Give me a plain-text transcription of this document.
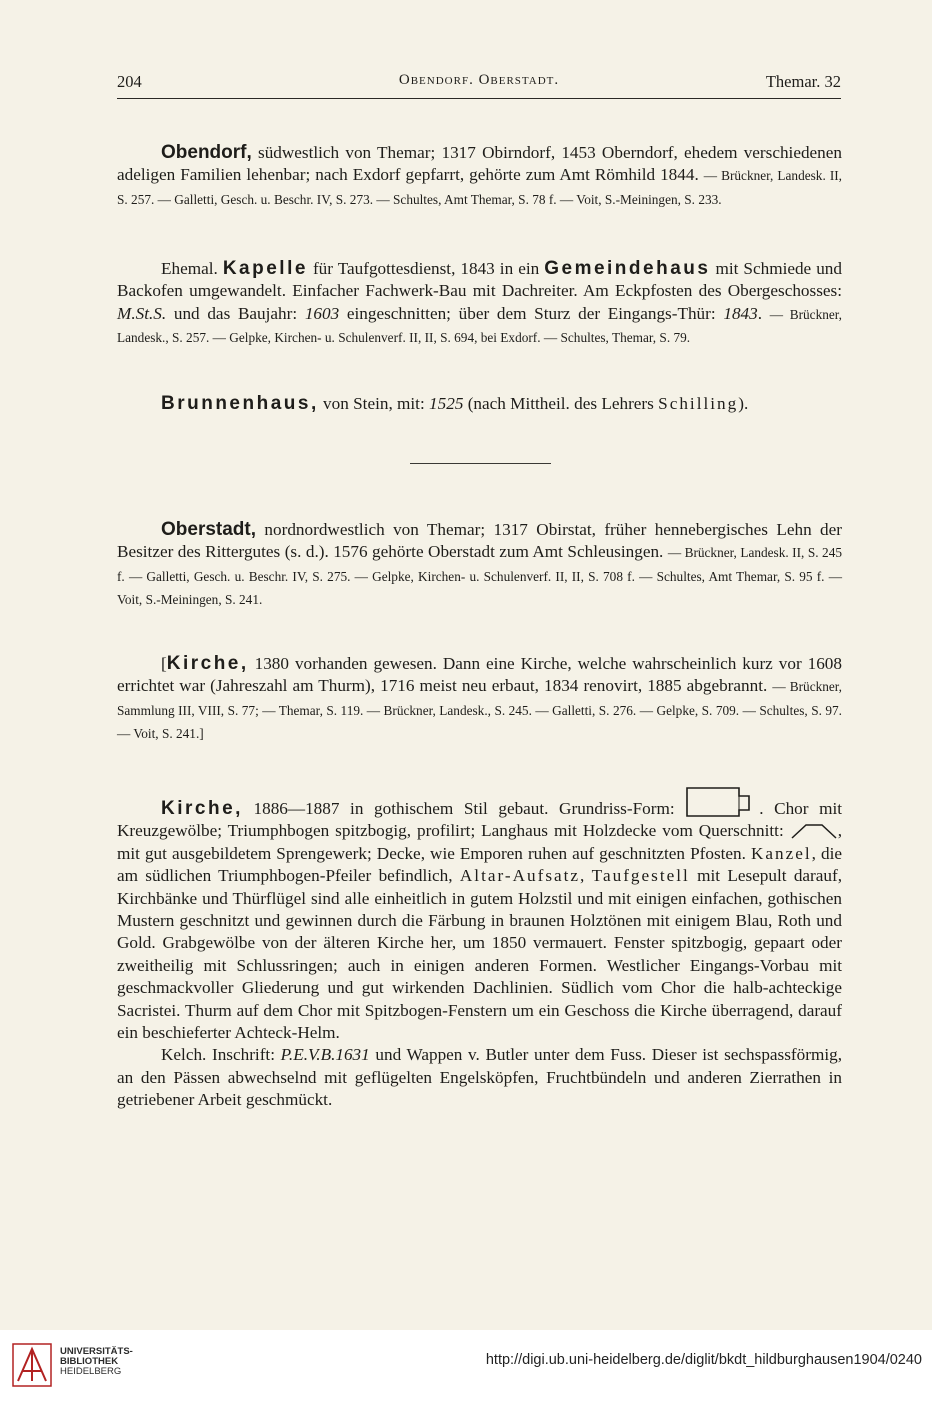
204	Obendorf. Oberstadt.	Themar. 32

Obendorf, südwestlich von Themar; 1317 Obirndorf, 1453 Oberndorf, ehedem verschiedenen adeligen Familien lehenbar; nach Exdorf gepfarrt, gehörte zum Amt Römhild 1844. — Brückner, Landesk. II, S. 257. — Galletti, Gesch. u. Beschr. IV, S. 273. — Schultes, Amt Themar, S. 78 f. — Voit, S.-Meiningen, S. 233.

Ehemal. Kapelle für Taufgottesdienst, 1843 in ein Gemeindehaus mit Schmiede und Backofen umgewandelt. Einfacher Fachwerk-Bau mit Dachreiter. Am Eckpfosten des Obergeschosses: M.St.S. und das Baujahr: 1603 eingeschnitten; über dem Sturz der Eingangs-Thür: 1843. — Brückner, Landesk., S. 257. — Gelpke, Kirchen- u. Schulenverf. II, II, S. 694, bei Exdorf. — Schultes, Themar, S. 79.

Brunnenhaus, von Stein, mit: 1525 (nach Mittheil. des Lehrers Schilling).

Oberstadt, nordnordwestlich von Themar; 1317 Obirstat, früher hennebergisches Lehn der Besitzer des Rittergutes (s. d.). 1576 gehörte Oberstadt zum Amt Schleusingen. — Brückner, Landesk. II, S. 245 f. — Galletti, Gesch. u. Beschr. IV, S. 275. — Gelpke, Kirchen- u. Schulenverf. II, II, S. 708 f. — Schultes, Amt Themar, S. 95 f. — Voit, S.-Meiningen, S. 241.

[Kirche, 1380 vorhanden gewesen. Dann eine Kirche, welche wahrscheinlich kurz vor 1608 errichtet war (Jahreszahl am Thurm), 1716 meist neu erbaut, 1834 renovirt, 1885 abgebrannt. — Brückner, Sammlung III, VIII, S. 77; — Themar, S. 119. — Brückner, Landesk., S. 245. — Galletti, S. 276. — Gelpke, S. 709. — Schultes, S. 97. — Voit, S. 241.]

Kirche, 1886—1887 in gothischem Stil gebaut. Grundriss-Form:	. Chor mit Kreuzgewölbe; Triumphbogen spitzbogig, profilirt; Langhaus mit Holzdecke vom Querschnitt:	, mit gut ausgebildetem Sprengewerk; Decke, wie Emporen ruhen auf geschnitzten Pfosten. Kanzel, die am südlichen Triumphbogen-Pfeiler befindlich, Altar-Aufsatz, Taufgestell mit Lesepult darauf, Kirchbänke und Thürflügel sind alle einheitlich in gutem Holzstil und mit einigen einfachen, gothischen Mustern geschnitzt und gewinnen durch die Färbung in braunen Holztönen mit einigem Blau, Roth und Gold. Grabgewölbe von der älteren Kirche her, um 1850 vermauert. Fenster spitzbogig, gepaart oder zweitheilig mit Schlussringen; auch in einigen anderen Formen. Westlicher Eingangs-Vorbau mit geschmackvoller Gliederung und gut wirkenden Dachlinien. Südlich vom Chor die halb-achteckige Sacristei. Thurm auf dem Chor mit Spitzbogen-Fenstern um ein Geschoss die Kirche überragend, darauf ein beschieferter Achteck-Helm.

Kelch. Inschrift: P.E.V.B.1631 und Wappen v. Butler unter dem Fuss. Dieser ist sechspassförmig, an den Pässen abwechselnd mit geflügelten Engelsköpfen, Fruchtbündeln und anderen Zierrathen in getriebener Arbeit geschmückt.

UNIVERSITÄTS-
BIBLIOTHEK
HEIDELBERG
http://digi.ub.uni-heidelberg.de/diglit/bkdt_hildburghausen1904/0240
